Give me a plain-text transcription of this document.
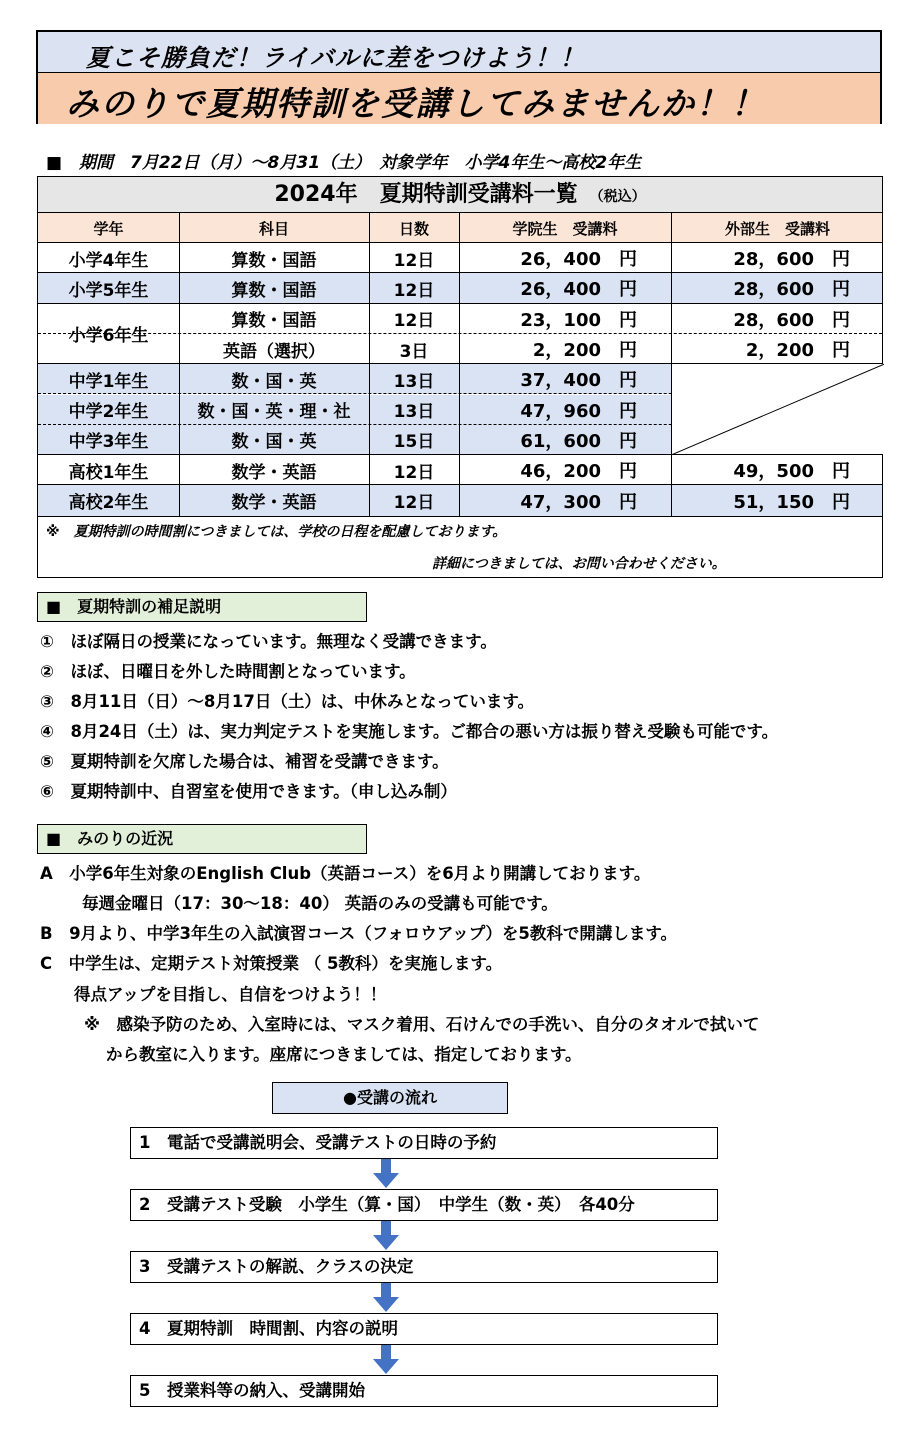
夏こそ勝負だ！ライバルに差をつけよう！！
みのりで夏期特訓を受講してみませんか！！
■　期間　7月22日（月）～8月31（土）　対象学年　小学4年生～高校2年生
2024年　夏期特訓受講料一覧 （税込）
学年	科目	日数	学院生　受講料	外部生　受講料
小学4年生	算数・国語	12日	26，400　円	28，600　円
小学5年生	算数・国語	12日	26，400　円	28，600　円
小学6年生
算数・国語	12日	23，100　円	28，600　円
英語（選択）	3日	2，200　円	2，200　円
中学1年生	数・国・英	13日	37，400　円
中学2年生	数・国・英・理・社	13日	47，960　円
中学3年生	数・国・英	15日	61，600　円
高校1年生	数学・英語	12日	46，200　円	49，500　円
高校2年生	数学・英語	12日	47，300　円	51，150　円
※　夏期特訓の時間割につきましては、学校の日程を配慮しております。
詳細につきましては、お問い合わせください。
■　夏期特訓の補足説明
①　ほぼ隔日の授業になっています。無理なく受講できます。
②　ほぼ、日曜日を外した時間割となっています。
③　8月11日（日）～8月17日（土）は、中休みとなっています。
④　8月24日（土）は、実力判定テストを実施します。ご都合の悪い方は振り替え受験も可能です。
⑤　夏期特訓を欠席した場合は、補習を受講できます。
⑥　夏期特訓中、自習室を使用できます。（申し込み制）
■　みのりの近況
A　小学6年生対象のEnglish Club（英語コース）を6月より開講しております。
毎週金曜日（17：30～18：40） 英語のみの受講も可能です。
B　9月より、中学3年生の入試演習コース（フォロウアップ）を5教科で開講します。
C　中学生は、定期テスト対策授業 （ 5教科）を実施します。
得点アップを目指し、自信をつけよう！！
※　感染予防のため、入室時には、マスク着用、石けんでの手洗い、自分のタオルで拭いて
から教室に入ります。座席につきましては、指定しております。
●受講の流れ
1　電話で受講説明会、受講テストの日時の予約
2　受講テスト受験　小学生（算・国）　中学生（数・英）　各40分
3　受講テストの解説、クラスの決定
4　夏期特訓　時間割、内容の説明
5　授業料等の納入、受講開始
